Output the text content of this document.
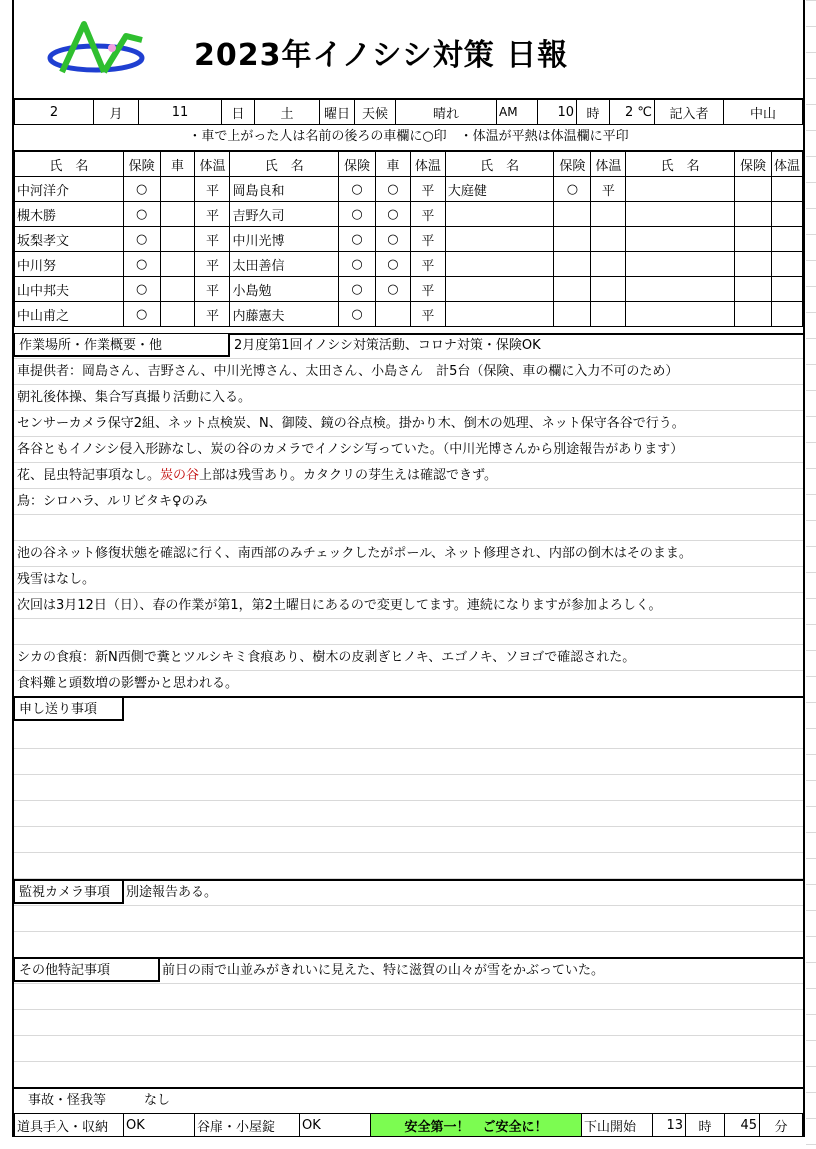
2023年イノシシ対策 日報
2	月	11	日	土	曜日	天候	晴れ	AM	10	時	2 ℃	記入者	中山
・車で上がった人は名前の後ろの車欄に○印　・体温が平熱は体温欄に平印
氏　名	保険	車	体温	氏　名	保険	車	体温	氏　名	保険	体温	氏　名	保険	体温
中河洋介	○		平	岡島良和	○	○	平	大庭健	○	平			
槻木勝	○		平	吉野久司	○	○	平						
坂梨孝文	○		平	中川光博	○	○	平						
中川努	○		平	太田善信	○	○	平						
山中邦夫	○		平	小島勉	○	○	平						
中山甫之	○		平	内藤憲夫	○		平						
作業場所・作業概要・他	2月度第1回イノシシ対策活動、コロナ対策・保険OK
車提供者：岡島さん、吉野さん、中川光博さん、太田さん、小島さん　計5台（保険、車の欄に入力不可のため）
朝礼後体操、集合写真撮り活動に入る。
センサーカメラ保守2組、ネット点検炭、N、御陵、鏡の谷点検。掛かり木、倒木の処理、ネット保守各谷で行う。
各谷ともイノシシ侵入形跡なし、炭の谷のカメラでイノシシ写っていた。（中川光博さんから別途報告があります）
花、昆虫特記事項なし。炭の谷上部は残雪あり。カタクリの芽生えは確認できず。
鳥：シロハラ、ルリビタキ♀のみ
池の谷ネット修復状態を確認に行く、南西部のみチェックしたがポール、ネット修理され、内部の倒木はそのまま。
残雪はなし。
次回は3月12日（日）、春の作業が第1，第2土曜日にあるので変更してます。連続になりますが参加よろしく。
シカの食痕：新N西側で糞とツルシキミ食痕あり、樹木の皮剥ぎヒノキ、エゴノキ、ソヨゴで確認された。
食料難と頭数増の影響かと思われる。
申し送り事項
監視カメラ事項	別途報告ある。
その他特記事項	前日の雨で山並みがきれいに見えた、特に滋賀の山々が雪をかぶっていた。
事故・怪我等	なし
道具手入・収納	OK	谷扉・小屋錠	OK	安全第一！　ご安全に！	下山開始	13	時	45	分
